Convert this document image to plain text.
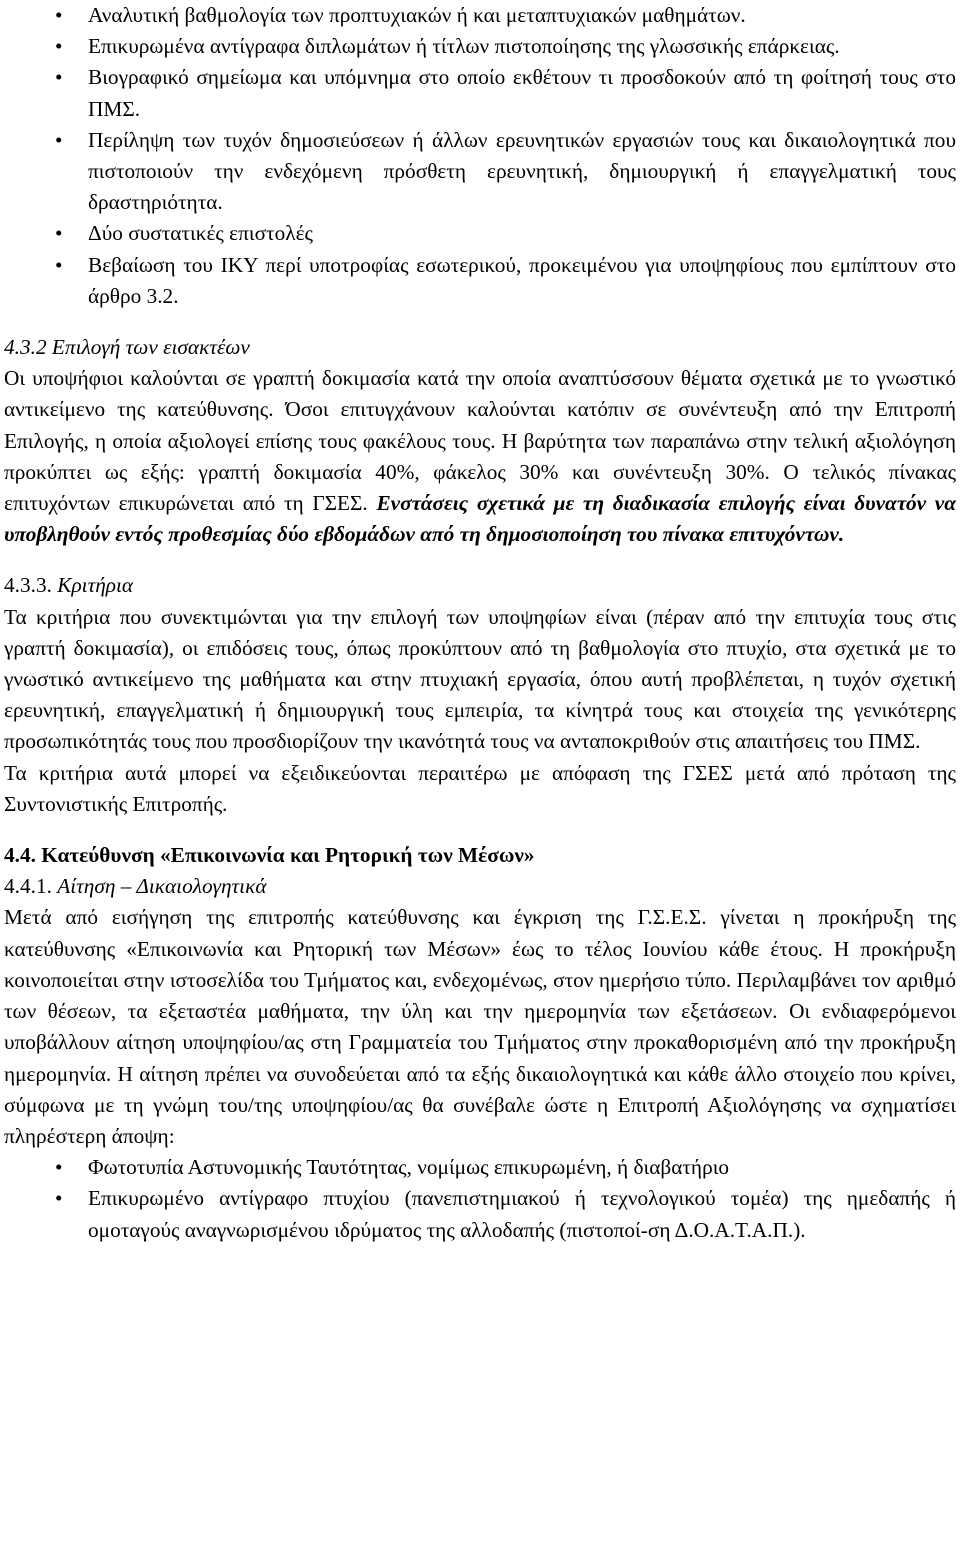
• Αναλυτική βαθμολογία των προπτυχιακών ή και μεταπτυχιακών μαθημάτων.
• Επικυρωμένα αντίγραφα διπλωμάτων ή τίτλων πιστοποίησης της γλωσσικής επάρκειας.
• Βιογραφικό σημείωμα και υπόμνημα στο οποίο εκθέτουν τι προσδοκούν από τη φοίτησή τους στο ΠΜΣ.
• Περίληψη των τυχόν δημοσιεύσεων ή άλλων ερευνητικών εργασιών τους και δικαιολογητικά που πιστοποιούν την ενδεχόμενη πρόσθετη ερευνητική, δημιουργική ή επαγγελματική τους δραστηριότητα.
• Δύο συστατικές επιστολές
• Βεβαίωση του ΙΚΥ περί υποτροφίας εσωτερικού, προκειμένου για υποψηφίους που εμπίπτουν στο άρθρο 3.2.

4.3.2 Επιλογή των εισακτέων

Οι υποψήφιοι καλούνται σε γραπτή δοκιμασία κατά την οποία αναπτύσσουν θέματα σχετικά με το γνωστικό αντικείμενο της κατεύθυνσης. Όσοι επιτυγχάνουν καλούνται κατόπιν σε συνέντευξη από την Επιτροπή Επιλογής, η οποία αξιολογεί επίσης τους φακέλους τους. Η βαρύτητα των παραπάνω στην τελική αξιολόγηση προκύπτει ως εξής: γραπτή δοκιμασία 40%, φάκελος 30% και συνέντευξη 30%. Ο τελικός πίνακας επιτυχόντων επικυρώνεται από τη ΓΣΕΣ. Ενστάσεις σχετικά με τη διαδικασία επιλογής είναι δυνατόν να υποβληθούν εντός προθεσμίας δύο εβδομάδων από τη δημοσιοποίηση του πίνακα επιτυχόντων.

4.3.3. Κριτήρια

Τα κριτήρια που συνεκτιμώνται για την επιλογή των υποψηφίων είναι (πέραν από την επιτυχία τους στις γραπτή δοκιμασία), οι επιδόσεις τους, όπως προκύπτουν από τη βαθμολογία στο πτυχίο, στα σχετικά με το γνωστικό αντικείμενο της μαθήματα και στην πτυχιακή εργασία, όπου αυτή προβλέπεται, η τυχόν σχετική ερευνητική, επαγγελματική ή δημιουργική τους εμπειρία, τα κίνητρά τους και στοιχεία της γενικότερης προσωπικότητάς τους που προσδιορίζουν την ικανότητά τους να ανταποκριθούν στις απαιτήσεις του ΠΜΣ.

Τα κριτήρια αυτά μπορεί να εξειδικεύονται περαιτέρω με απόφαση της ΓΣΕΣ μετά από πρόταση της Συντονιστικής Επιτροπής.

4.4. Κατεύθυνση «Επικοινωνία και Ρητορική των Μέσων»

4.4.1. Αίτηση – Δικαιολογητικά

Μετά από εισήγηση της επιτροπής κατεύθυνσης και έγκριση της Γ.Σ.Ε.Σ. γίνεται η προκήρυξη της κατεύθυνσης «Επικοινωνία και Ρητορική των Μέσων» έως το τέλος Ιουνίου κάθε έτους. Η προκήρυξη κοινοποιείται στην ιστοσελίδα του Τμήματος και, ενδεχομένως, στον ημερήσιο τύπο. Περιλαμβάνει τον αριθμό των θέσεων, τα εξεταστέα μαθήματα, την ύλη και την ημερομηνία των εξετάσεων. Οι ενδιαφερόμενοι υποβάλλουν αίτηση υποψηφίου/ας στη Γραμματεία του Τμήματος στην προκαθορισμένη από την προκήρυξη ημερομηνία. Η αίτηση πρέπει να συνοδεύεται από τα εξής δικαιολογητικά και κάθε άλλο στοιχείο που κρίνει, σύμφωνα με τη γνώμη του/της υποψηφίου/ας θα συνέβαλε ώστε η Επιτροπή Αξιολόγησης να σχηματίσει πληρέστερη άποψη:

• Φωτοτυπία Αστυνομικής Ταυτότητας, νομίμως επικυρωμένη, ή διαβατήριο
• Επικυρωμένο αντίγραφο πτυχίου (πανεπιστημιακού ή τεχνολογικού τομέα) της ημεδαπής ή ομοταγούς αναγνωρισμένου ιδρύματος της αλλοδαπής (πιστοποί-ση Δ.Ο.Α.Τ.Α.Π.).
